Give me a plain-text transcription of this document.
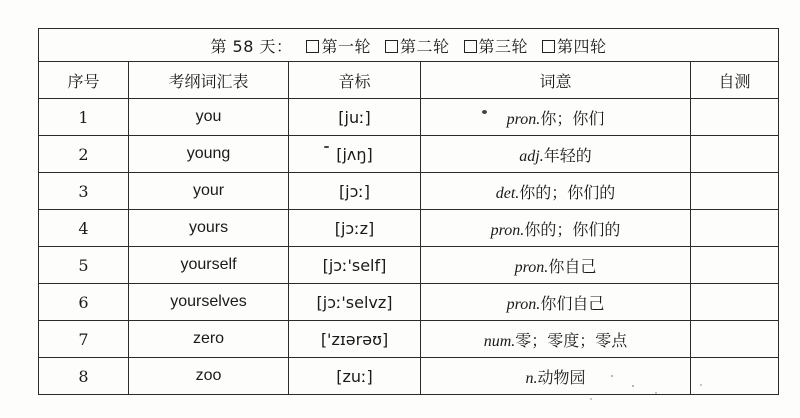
第 58 天： 第一轮 第二轮 第三轮 第四轮				
序号	考纲词汇表	音标	词意	自测
1	you	[juː]	pron.你；你们	
2	young	[jʌŋ]	adj.年轻的	
3	your	[jɔː]	det.你的；你们的	
4	yours	[jɔːz]	pron.你的；你们的	
5	yourself	[jɔː'self]	pron.你自己	
6	yourselves	[jɔː'selvz]	pron.你们自己	
7	zero	['zɪərəʊ]	num.零；零度；零点	
8	zoo	[zuː]	n.动物园	
